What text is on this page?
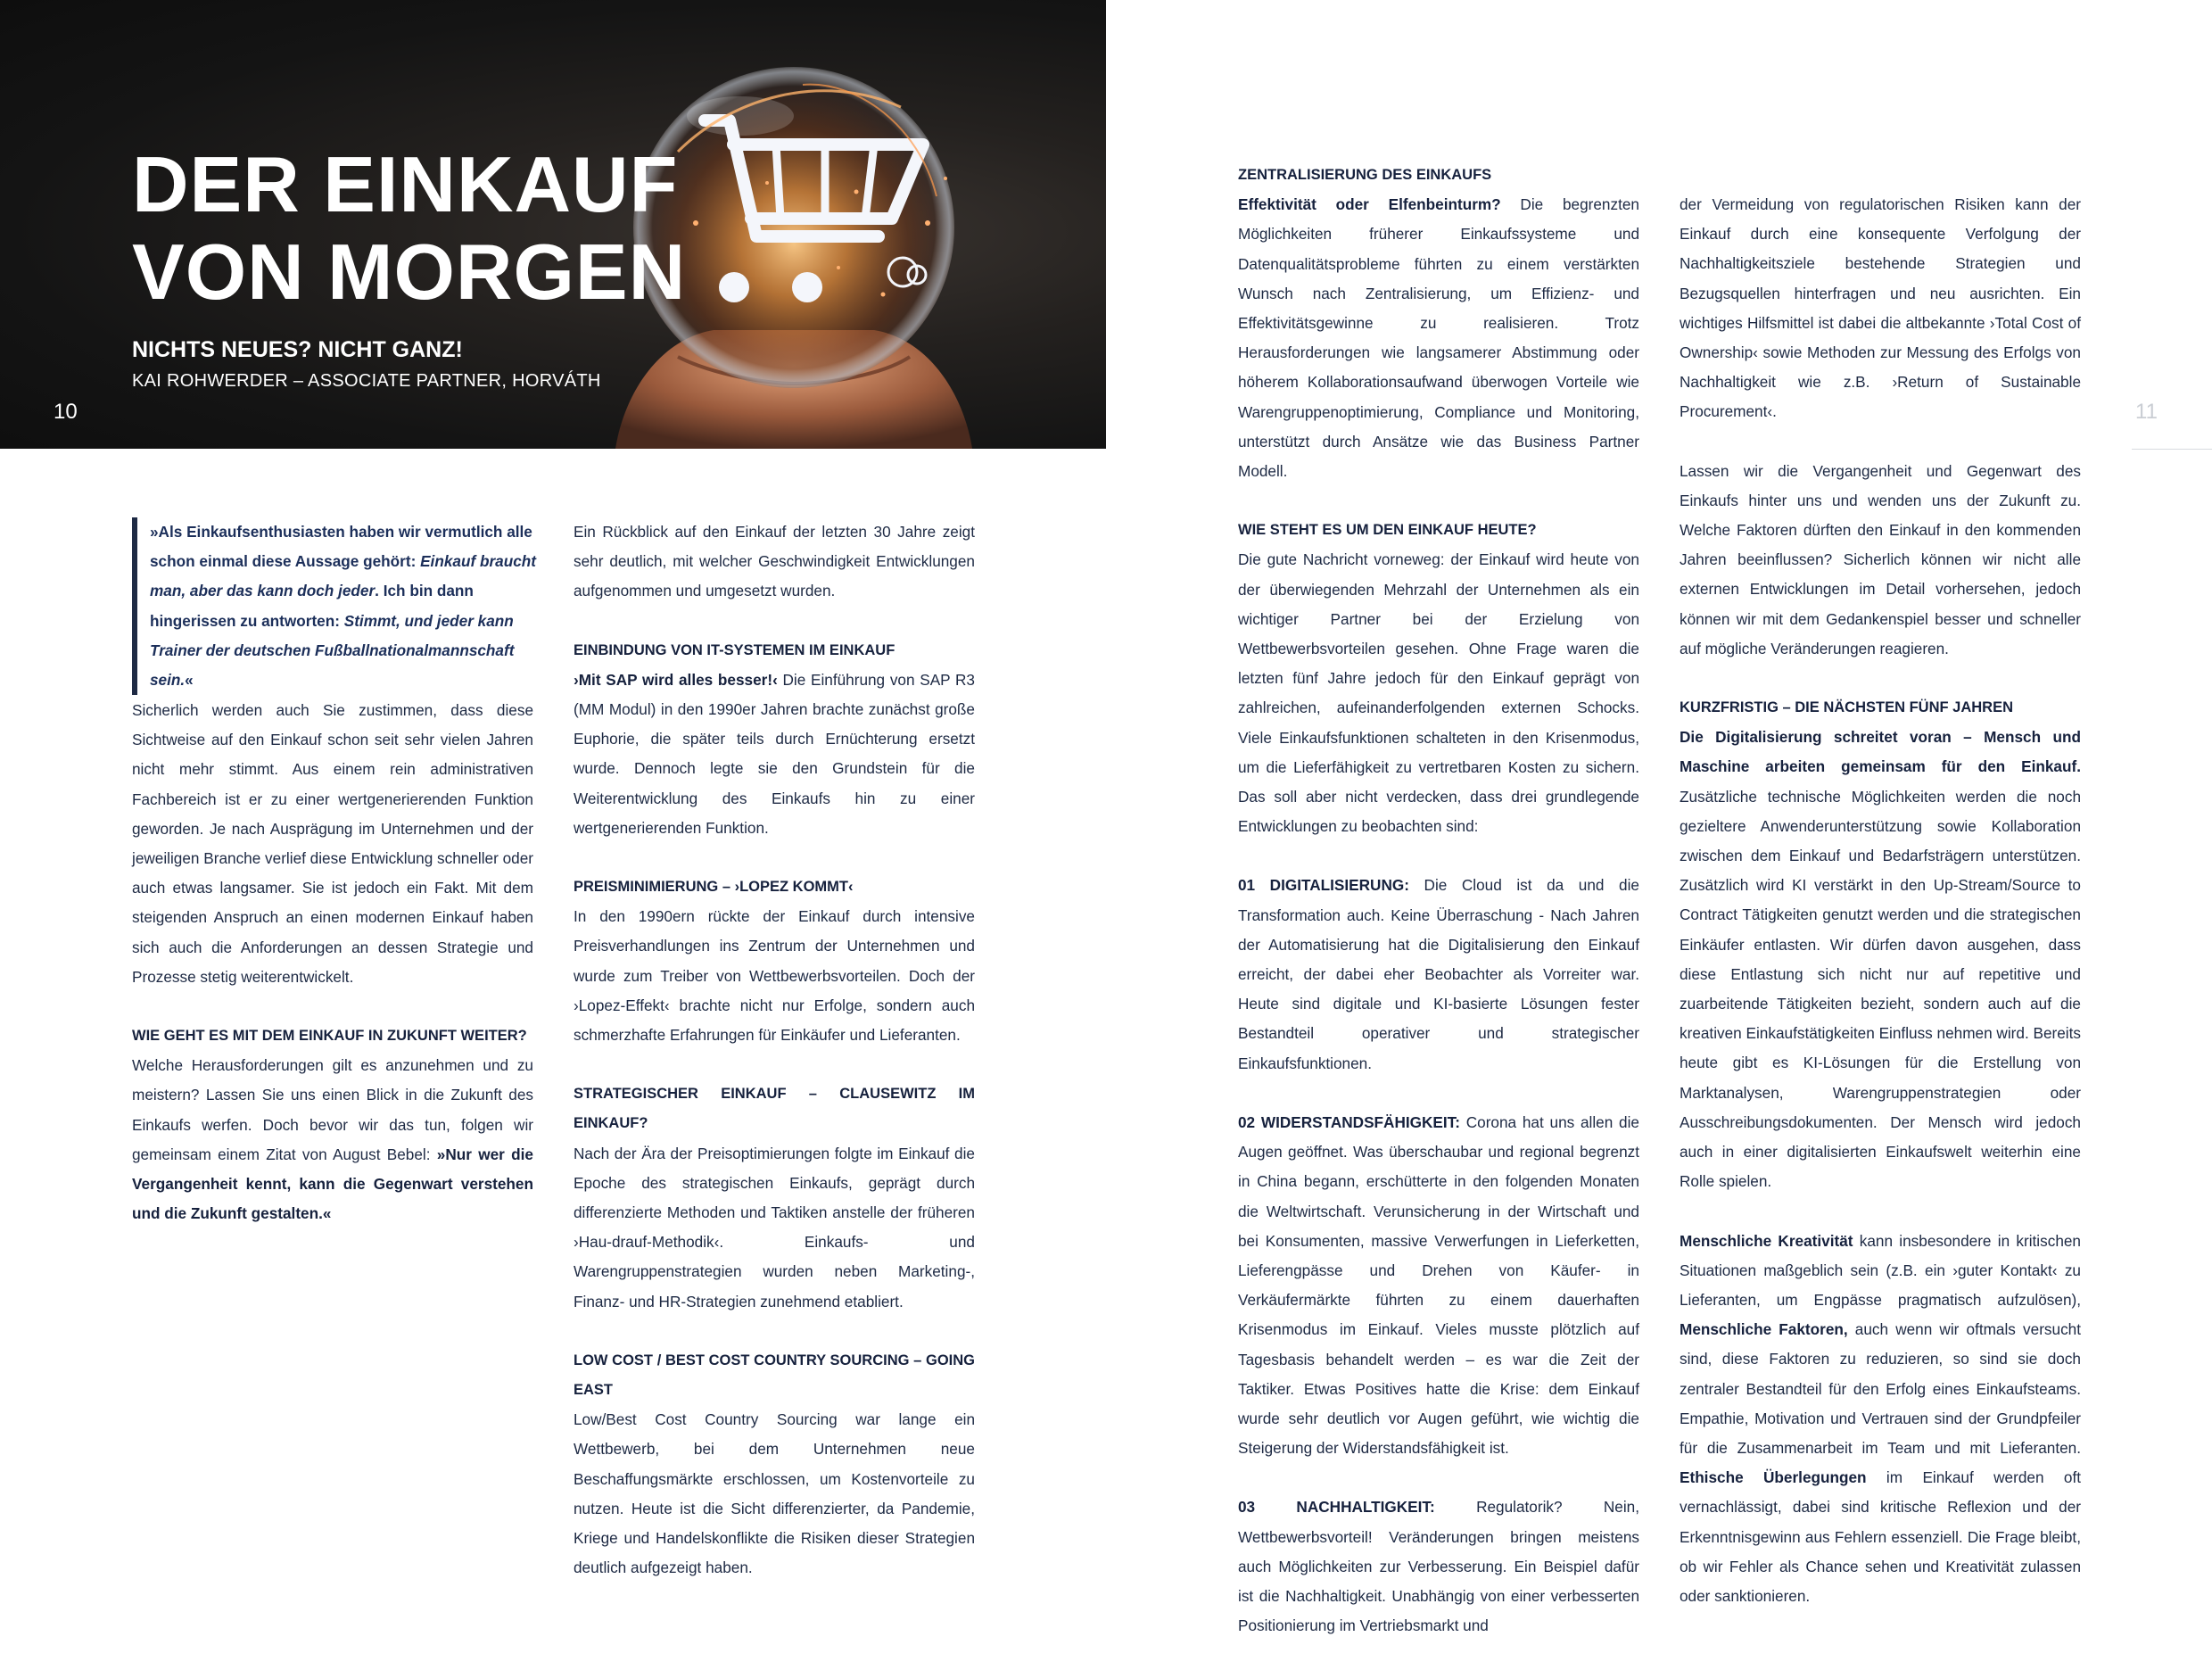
DER EINKAUF
VON MORGEN
NICHTS NEUES? NICHT GANZ!
KAI ROHWERDER – ASSOCIATE PARTNER, HORVÁTH
10	11
»Als Einkaufsenthusiasten haben wir vermutlich alle schon einmal diese Aussage gehört: Einkauf braucht man, aber das kann doch jeder. Ich bin dann hingerissen zu antworten: Stimmt, und jeder kann Trainer der deutschen Fußballnationalmannschaft sein.«

Sicherlich werden auch Sie zustimmen, dass diese Sichtweise auf den Einkauf schon seit sehr vielen Jahren nicht mehr stimmt. Aus einem rein administrativen Fachbereich ist er zu einer wertgenerierenden Funktion geworden. Je nach Ausprägung im Unternehmen und der jeweiligen Branche verlief diese Entwicklung schneller oder auch etwas langsamer. Sie ist jedoch ein Fakt. Mit dem steigenden Anspruch an einen modernen Einkauf haben sich auch die Anforderungen an dessen Strategie und Prozesse stetig weiterentwickelt.

WIE GEHT ES MIT DEM EINKAUF IN ZUKUNFT WEITER?

Welche Herausforderungen gilt es anzunehmen und zu meistern? Lassen Sie uns einen Blick in die Zukunft des Einkaufs werfen. Doch bevor wir das tun, folgen wir gemeinsam einem Zitat von August Bebel: »Nur wer die Vergangenheit kennt, kann die Gegenwart verstehen und die Zukunft gestalten.«

Ein Rückblick auf den Einkauf der letzten 30 Jahre zeigt sehr deutlich, mit welcher Geschwindigkeit Entwicklungen aufgenommen und umgesetzt wurden.

EINBINDUNG VON IT-SYSTEMEN IM EINKAUF

›Mit SAP wird alles besser!‹ Die Einführung von SAP R3 (MM Modul) in den 1990er Jahren brachte zunächst große Euphorie, die später teils durch Ernüchterung ersetzt wurde. Dennoch legte sie den Grundstein für die Weiterentwicklung des Einkaufs hin zu einer wertgenerierenden Funktion.

PREISMINIMIERUNG – ›LOPEZ KOMMT‹

In den 1990ern rückte der Einkauf durch intensive Preisverhandlungen ins Zentrum der Unternehmen und wurde zum Treiber von Wettbewerbsvorteilen. Doch der ›Lopez-Effekt‹ brachte nicht nur Erfolge, sondern auch schmerzhafte Erfahrungen für Einkäufer und Lieferanten.

STRATEGISCHER EINKAUF – CLAUSEWITZ IM EINKAUF?

Nach der Ära der Preisoptimierungen folgte im Einkauf die Epoche des strategischen Einkaufs, geprägt durch differenzierte Methoden und Taktiken anstelle der früheren ›Hau-drauf-Methodik‹. Einkaufs- und Warengruppenstrategien wurden neben Marketing-, Finanz- und HR-Strategien zunehmend etabliert.

LOW COST / BEST COST COUNTRY SOURCING – GOING EAST

Low/Best Cost Country Sourcing war lange ein Wettbewerb, bei dem Unternehmen neue Beschaffungsmärkte erschlossen, um Kostenvorteile zu nutzen. Heute ist die Sicht differenzierter, da Pandemie, Kriege und Handelskonflikte die Risiken dieser Strategien deutlich aufgezeigt haben.

ZENTRALISIERUNG DES EINKAUFS

Effektivität oder Elfenbeinturm? Die begrenzten Möglichkeiten früherer Einkaufssysteme und Datenqualitätsprobleme führten zu einem verstärkten Wunsch nach Zentralisierung, um Effizienz- und Effektivitätsgewinne zu realisieren. Trotz Herausforderungen wie langsamerer Abstimmung oder höherem Kollaborationsaufwand überwogen Vorteile wie Warengruppenoptimierung, Compliance und Monitoring, unterstützt durch Ansätze wie das Business Partner Modell.

WIE STEHT ES UM DEN EINKAUF HEUTE?

Die gute Nachricht vorneweg: der Einkauf wird heute von der überwiegenden Mehrzahl der Unternehmen als ein wichtiger Partner bei der Erzielung von Wettbewerbsvorteilen gesehen. Ohne Frage waren die letzten fünf Jahre jedoch für den Einkauf geprägt von zahlreichen, aufeinanderfolgenden externen Schocks. Viele Einkaufsfunktionen schalteten in den Krisenmodus, um die Lieferfähigkeit zu vertretbaren Kosten zu sichern. Das soll aber nicht verdecken, dass drei grundlegende Entwicklungen zu beobachten sind:

01 DIGITALISIERUNG: Die Cloud ist da und die Transformation auch. Keine Überraschung - Nach Jahren der Automatisierung hat die Digitalisierung den Einkauf erreicht, der dabei eher Beobachter als Vorreiter war. Heute sind digitale und KI-basierte Lösungen fester Bestandteil operativer und strategischer Einkaufsfunktionen.

02 WIDERSTANDSFÄHIGKEIT: Corona hat uns allen die Augen geöffnet. Was überschaubar und regional begrenzt in China begann, erschütterte in den folgenden Monaten die Weltwirtschaft. Verunsicherung in der Wirtschaft und bei Konsumenten, massive Verwerfungen in Lieferketten, Lieferengpässe und Drehen von Käufer- in Verkäufermärkte führten zu einem dauerhaften Krisenmodus im Einkauf. Vieles musste plötzlich auf Tagesbasis behandelt werden – es war die Zeit der Taktiker. Etwas Positives hatte die Krise: dem Einkauf wurde sehr deutlich vor Augen geführt, wie wichtig die Steigerung der Widerstandsfähigkeit ist.

03 NACHHALTIGKEIT: Regulatorik? Nein, Wettbewerbsvorteil! Veränderungen bringen meistens auch Möglichkeiten zur Verbesserung. Ein Beispiel dafür ist die Nachhaltigkeit. Unabhängig von einer verbesserten Positionierung im Vertriebsmarkt und

der Vermeidung von regulatorischen Risiken kann der Einkauf durch eine konsequente Verfolgung der Nachhaltigkeitsziele bestehende Strategien und Bezugsquellen hinterfragen und neu ausrichten. Ein wichtiges Hilfsmittel ist dabei die altbekannte ›Total Cost of Ownership‹ sowie Methoden zur Messung des Erfolgs von Nachhaltigkeit wie z.B. ›Return of Sustainable Procurement‹.

Lassen wir die Vergangenheit und Gegenwart des Einkaufs hinter uns und wenden uns der Zukunft zu. Welche Faktoren dürften den Einkauf in den kommenden Jahren beeinflussen? Sicherlich können wir nicht alle externen Entwicklungen im Detail vorhersehen, jedoch können wir mit dem Gedankenspiel besser und schneller auf mögliche Veränderungen reagieren.

KURZFRISTIG – DIE NÄCHSTEN FÜNF JAHREN

Die Digitalisierung schreitet voran – Mensch und Maschine arbeiten gemeinsam für den Einkauf. Zusätzliche technische Möglichkeiten werden die noch gezieltere Anwenderunterstützung sowie Kollaboration zwischen dem Einkauf und Bedarfsträgern unterstützen. Zusätzlich wird KI verstärkt in den Up-Stream/Source to Contract Tätigkeiten genutzt werden und die strategischen Einkäufer entlasten. Wir dürfen davon ausgehen, dass diese Entlastung sich nicht nur auf repetitive und zuarbeitende Tätigkeiten bezieht, sondern auch auf die kreativen Einkaufstätigkeiten Einfluss nehmen wird. Bereits heute gibt es KI-Lösungen für die Erstellung von Marktanalysen, Warengruppenstrategien oder Ausschreibungsdokumenten. Der Mensch wird jedoch auch in einer digitalisierten Einkaufswelt weiterhin eine Rolle spielen.

Menschliche Kreativität kann insbesondere in kritischen Situationen maßgeblich sein (z.B. ein ›guter Kontakt‹ zu Lieferanten, um Engpässe pragmatisch aufzulösen), Menschliche Faktoren, auch wenn wir oftmals versucht sind, diese Faktoren zu reduzieren, so sind sie doch zentraler Bestandteil für den Erfolg eines Einkaufsteams. Empathie, Motivation und Vertrauen sind der Grundpfeiler für die Zusammenarbeit im Team und mit Lieferanten. Ethische Überlegungen im Einkauf werden oft vernachlässigt, dabei sind kritische Reflexion und der Erkenntnisgewinn aus Fehlern essenziell. Die Frage bleibt, ob wir Fehler als Chance sehen und Kreativität zulassen oder sanktionieren.
